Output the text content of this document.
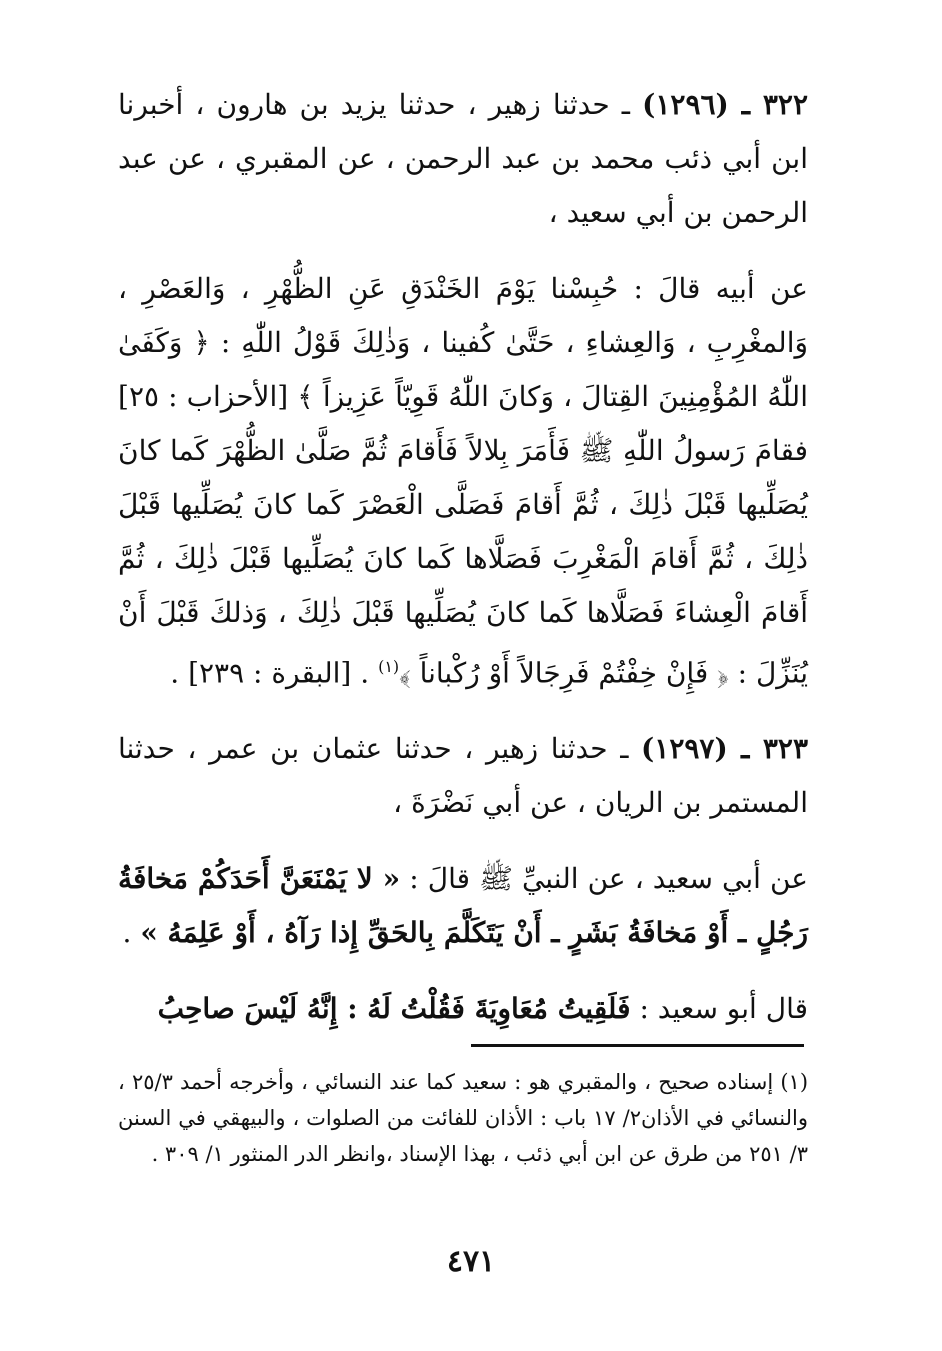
٣٢٢ ـ (١٢٩٦) ـ حدثنا زهير ، حدثنا يزيد بن هارون ، أخبرنا ابن أبي ذئب محمد بن عبد الرحمن ، عن المقبري ، عن عبد الرحمن بن أبي سعيد ،

عن أبيه قالَ : حُبِسْنا يَوْمَ الخَنْدَقِ عَنِ الظُّهْرِ ، وَالعَصْرِ ، وَالمغْرِبِ ، وَالعِشاءِ ، حَتَّىٰ كُفينا ، وَذٰلِكَ قَوْلُ اللّٰهِ : ﴿ وَكَفَىٰ اللّٰهُ المُؤْمِنِينَ القِتالَ ، وَكانَ اللّٰهُ قَوِيّاً عَزِيزاً ﴾ [الأحزاب : ٢٥] فقامَ رَسولُ اللّٰهِ ﷺ فَأَمَرَ بِلالاً فَأَقامَ ثُمَّ صَلَّىٰ الظُّهْرَ كَما كانَ يُصَلِّيها قَبْلَ ذٰلِكَ ، ثُمَّ أَقامَ فَصَلَّى الْعَصْرَ كَما كانَ يُصَلِّيها قَبْلَ ذٰلِكَ ، ثُمَّ أَقامَ الْمَغْرِبَ فَصَلَّاها كَما كانَ يُصَلِّيها قَبْلَ ذٰلِكَ ، ثُمَّ أَقامَ الْعِشاءَ فَصَلَّاها كَما كانَ يُصَلِّيها قَبْلَ ذٰلِكَ ، وَذلكَ قَبْلَ أَنْ يُنَزِّلَ : ﴿ فَإِنْ خِفْتُمْ فَرِجَالاً أَوْ رُكْباناً ﴾$^{(١)}$ . [البقرة : ٢٣٩] .

٣٢٣ ـ (١٢٩٧) ـ حدثنا زهير ، حدثنا عثمان بن عمر ، حدثنا المستمر بن الريان ، عن أبي نَضْرَةَ ،

عن أبي سعيد ، عن النبيِّ ﷺ قالَ : « لا يَمْنَعَنَّ أَحَدَكُمْ مَخافَةُ رَجُلٍ ـ أَوْ مَخافَةُ بَشَرٍ ـ أَنْ يَتَكَلَّمَ بِالحَقِّ إِذا رَآهُ ، أَوْ عَلِمَهُ » .

قال أبو سعيد : فَلَقِيتُ مُعَاوِيَةَ فَقُلْتُ لَهُ : إِنَّهُ لَيْسَ صاحِبُ

(١) إسناده صحيح ، والمقبري هو : سعيد كما عند النسائي ، وأخرجه أحمد ٢٥/٣ ، والنسائي في الأذان٢/ ١٧ باب : الأذان للفائت من الصلوات ، والبيهقي في السنن ٣/ ٢٥١ من طرق عن ابن أبي ذئب ، بهذا الإسناد ،وانظر الدر المنثور ١/ ٣٠٩ .

٤٧١
